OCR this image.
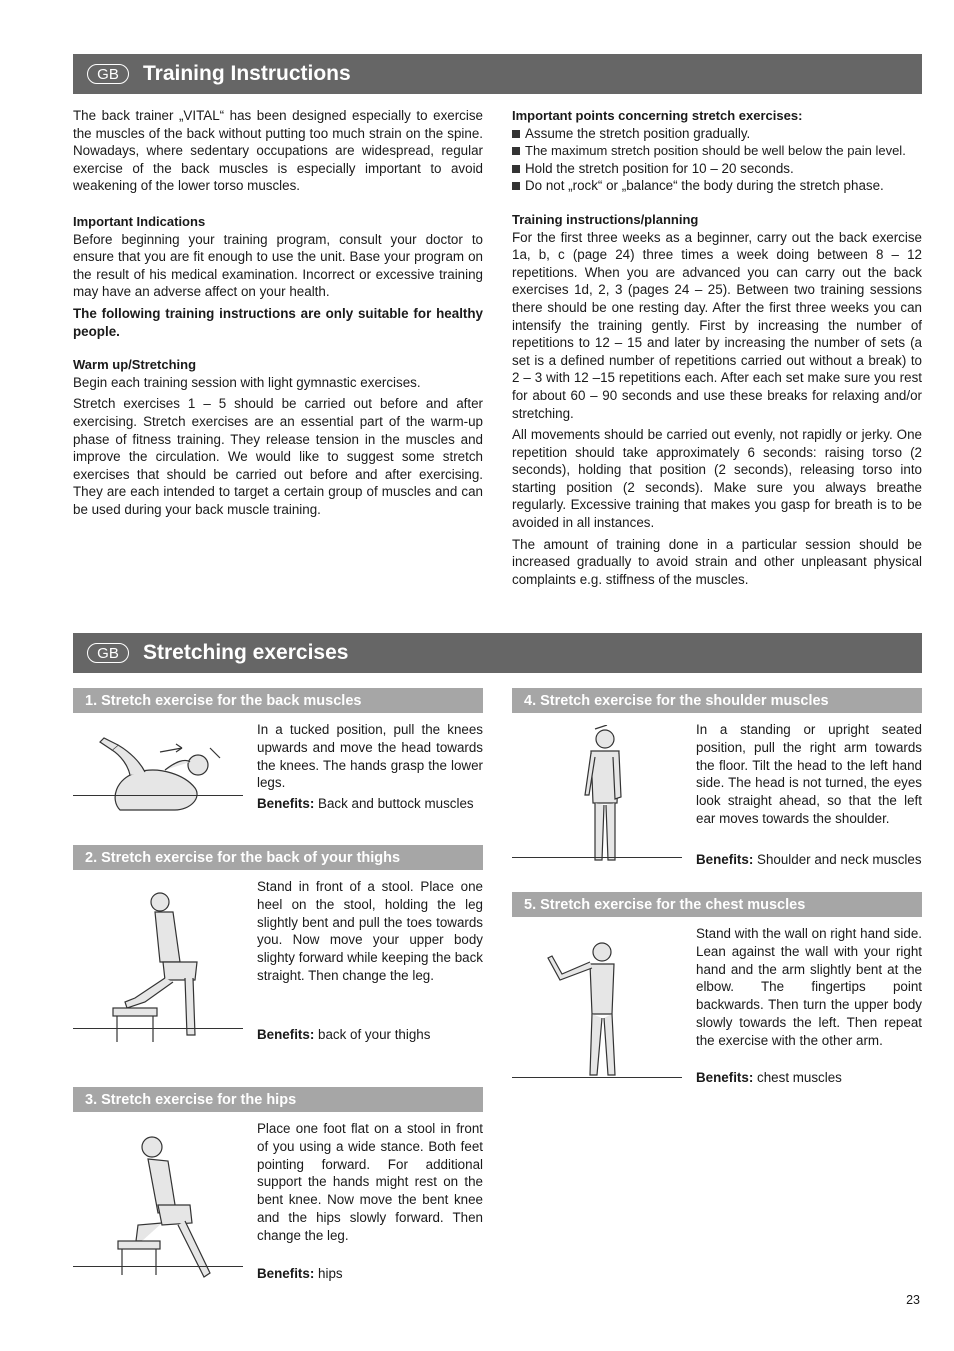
GB	Training Instructions

The back trainer „VITAL“ has been designed especially to exercise the muscles of the back without putting too much strain on the spine. Nowadays, where sedentary occupations are widespread, regular exercise of the back muscles is especially important to avoid weakening of the lower torso muscles.

Important Indications

Before beginning your training program, consult your doctor to ensure that you are fit enough to use the unit. Base your program on the result of his medical examination. Incorrect or excessive training may have an adverse affect on your health.

The following training instructions are only suitable for healthy people.

Warm up/Stretching

Begin each training session with light gymnastic exercises.

Stretch exercises 1 – 5 should be carried out before and after exercising. Stretch exercises are an essential part of the warm-up phase of fitness training. They release tension in the muscles and improve the circulation. We would like to suggest some stretch exercises that should be carried out before and after exercising. They are each intended to target a certain group of muscles and can be used during your back muscle training.

Important points concerning stretch exercises:
Assume the stretch position gradually.
The maximum stretch position should be well below the pain level.
Hold the stretch position for 10 – 20 seconds.
Do not „rock“ or „balance“ the body during the stretch phase.
Training instructions/planning

For the first three weeks as a beginner, carry out the back exercise 1a, b, c (page 24) three times a week doing between 8 – 12 repetitions. When you are advanced you can carry out the back exercises 1d, 2, 3 (pages 24 – 25). Between two training sessions there should be one resting day. After the first three weeks you can intensify the training gently. First by increasing the number of repetitions to 12 – 15 and later by increasing the number of sets (a set is a defined number of repetitions carried out without a break) to 2 – 3 with 12 –15 repetitions each. After each set make sure you rest for about 60 – 90 seconds and use these breaks for relaxing and/or stretching.

All movements should be carried out evenly, not rapidly or jerky. One repetition should take approximately 6 seconds: raising torso (2 seconds), holding that position (2 seconds), releasing torso into starting position (2 seconds). Make sure you always breathe regularly. Excessive training that makes you gasp for breath is to be avoided in all instances.

The amount of training done in a particular session should be increased gradually to avoid strain and other unpleasant physical complaints e.g. stiffness of the muscles.

GB	Stretching exercises
1. Stretch exercise for the back muscles

In a tucked position, pull the knees upwards and move the head towards the knees. The hands grasp the lower legs.

Benefits: Back and buttock muscles
2. Stretch exercise for the back of your thighs

Stand in front of a stool. Place one heel on the stool, holding the leg slightly bent and pull the toes towards you. Now move your upper body slighty forward while keeping the back straight. Then change the leg.

Benefits: back of your thighs
3. Stretch exercise for the hips

Place one foot flat on a stool in front of you using a wide stance. Both feet pointing forward. For additional support the hands might rest on the bent knee. Now move the bent knee and the hips slowly forward. Then change the leg.

Benefits: hips
4. Stretch exercise for the shoulder muscles

In a standing or upright seated position, pull the right arm towards the floor. Tilt the head to the left hand side. The head is not turned, the eyes look straight ahead, so that the left ear moves towards the shoulder.

Benefits: Shoulder and neck muscles
5. Stretch exercise for the chest muscles

Stand with the wall on right hand side. Lean against the wall with your right hand and the arm slightly bent at the elbow. The fingertips point backwards. Then turn the upper body slowly towards the left. Then repeat the exercise with the other arm.

Benefits: chest muscles
23
